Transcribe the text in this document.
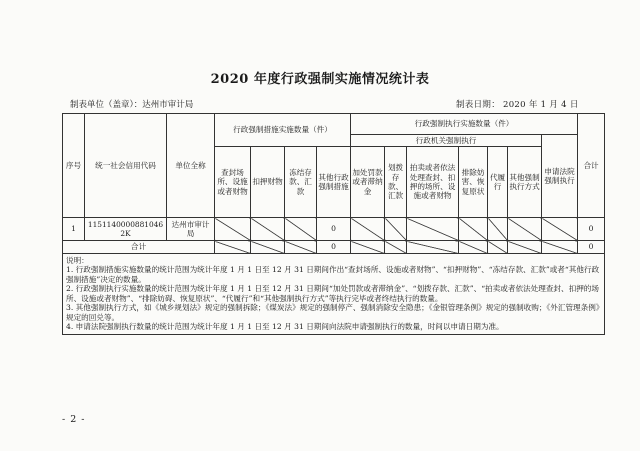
2020 年度行政强制实施情况统计表
制表单位（盖章）：达州市审计局	制表日期： 2020 年 1 月 4 日
序号	统一社会信用代码	单位全称	行政强制措施实施数量（件）				行政强制执行实施数量（件）							合计
							行政机关强制执行						申请法院强制执行	
			查封场所、设施或者财物	扣押财物	冻结存款、汇款	其他行政强制措施	加处罚款或者滞纳金	划拨存款、汇款	拍卖或者依法处理查封、扣押的场所、设施或者财物	排除妨害、恢复原状	代履行	其他强制执行方式		
1	11511400008810462K	达州市审计局				0								0
合计						0								0

说明：
1. 行政强制措施实施数量的统计范围为统计年度 1 月 1 日至 12 月 31 日期间作出“查封场所、设施或者财物”、“扣押财物”、“冻结存款、汇款”或者“其他行政强制措施”决定的数量。
2. 行政强制执行实施数量的统计范围为统计年度 1 月 1 日至 12 月 31 日期间“加处罚款或者滞纳金”、“划拨存款、汇款”、“拍卖或者依法处理查封、扣押的场所、设施或者财物”、“排除妨碍、恢复原状”、“代履行”和“其他强制执行方式”等执行完毕或者终结执行的数量。
3. 其他强制执行方式，如《城乡规划法》规定的强制拆除；《煤炭法》规定的强制停产、强制消除安全隐患；《金银管理条例》规定的强制收购；《外汇管理条例》规定的回兑等。
4. 申请法院强制执行数量的统计范围为统计年度 1 月 1 日至 12 月 31 日期间向法院申请强制执行的数量，时间以申请日期为准。														
- 2 -
